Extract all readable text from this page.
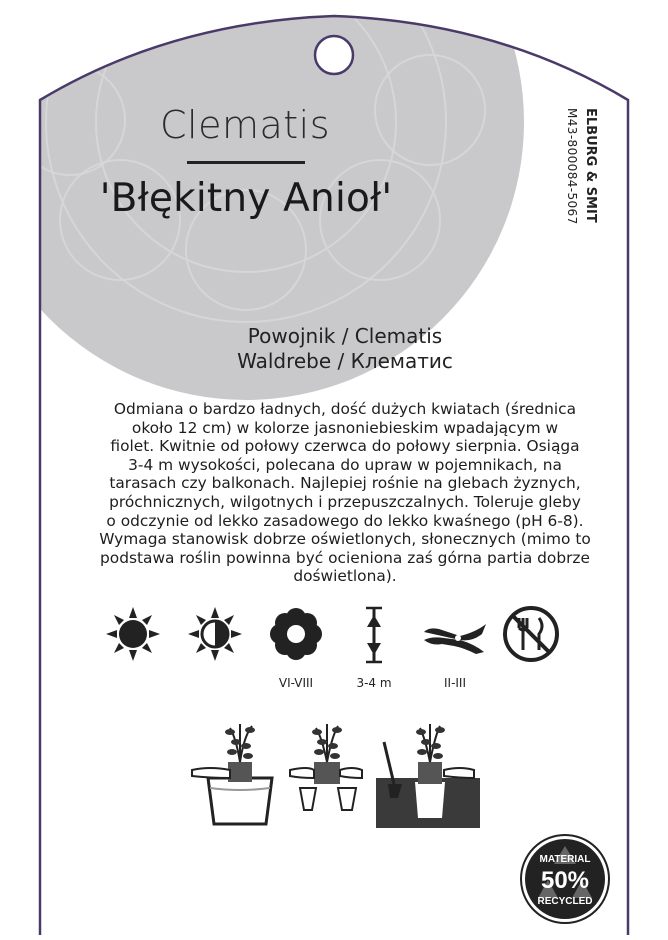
Clematis
'Błękitny Anioł'	ELBURG & SMIT
M43-800084-5067
Powojnik / Clematis
Waldrebe / Клематис
Odmiana o bardzo ładnych, dość dużych kwiatach (średnica
około 12 cm) w kolorze jasnoniebieskim wpadającym w
fiolet. Kwitnie od połowy czerwca do połowy sierpnia. Osiąga
3-4 m wysokości, polecana do upraw w pojemnikach, na
tarasach czy balkonach. Najlepiej rośnie na glebach żyznych,
próchnicznych, wilgotnych i przepuszczalnych. Toleruje gleby
o odczynie od lekko zasadowego do lekko kwaśnego (pH 6-8).
Wymaga stanowisk dobrze oświetlonych, słonecznych (mimo to
podstawa roślin powinna być ocieniona zaś górna partia dobrze
doświetlona).
VI-VIII	3-4 m	II-III
MATERIAL
50%
RECYCLED
